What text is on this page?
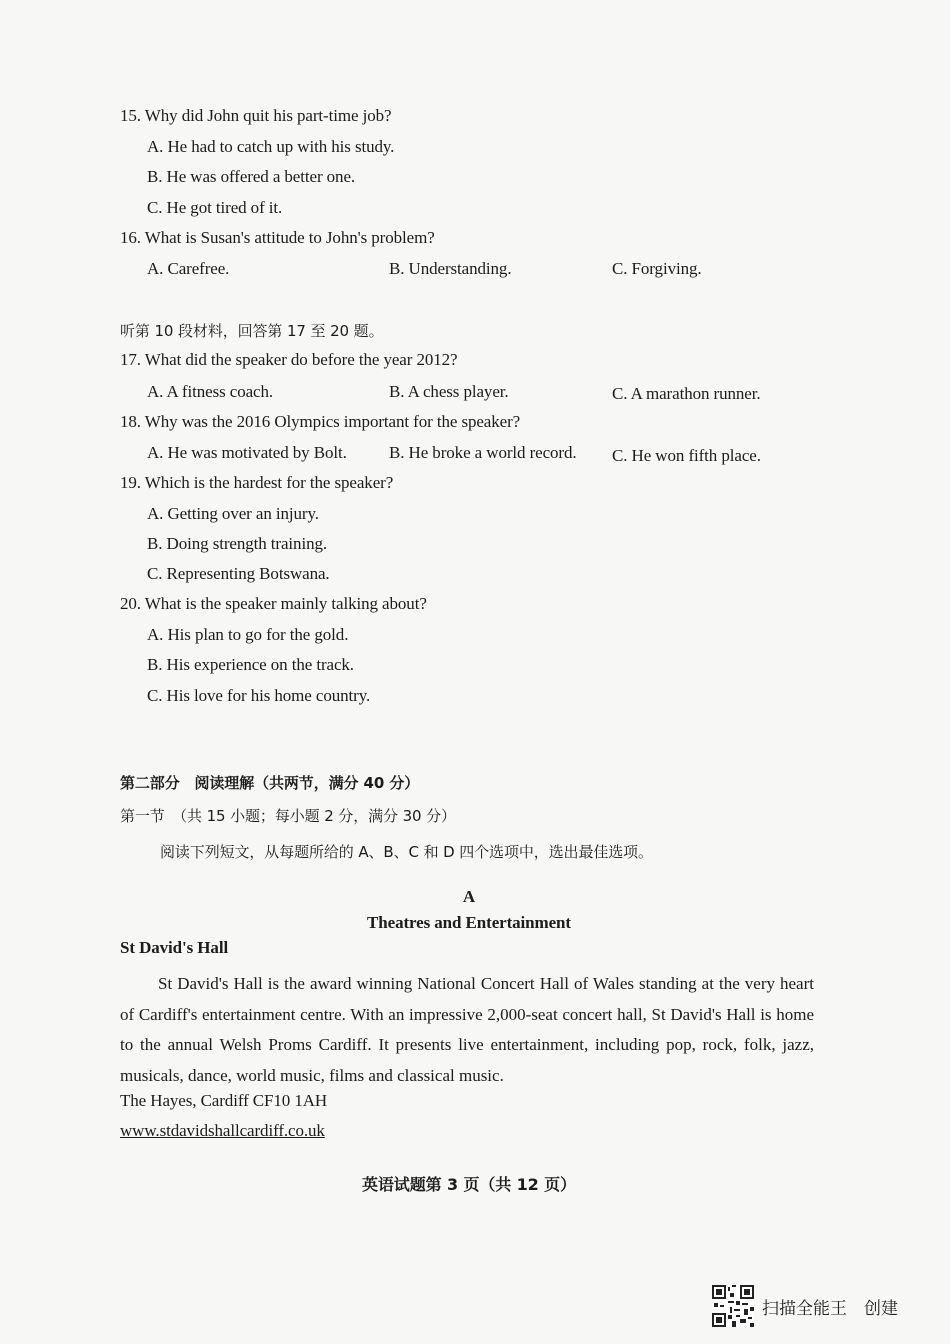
15. Why did John quit his part-time job?
A. He had to catch up with his study.
B. He was offered a better one.
C. He got tired of it.
16. What is Susan's attitude to John's problem?
A. Carefree.	B. Understanding.	C. Forgiving.
听第 10 段材料，回答第 17 至 20 题。
17. What did the speaker do before the year 2012?
A. A fitness coach.	B. A chess player.	C. A marathon runner.
18. Why was the 2016 Olympics important for the speaker?
A. He was motivated by Bolt. B. He broke a world record. C. He won fifth place.
19. Which is the hardest for the speaker?
A. Getting over an injury.
B. Doing strength training.
C. Representing Botswana.
20. What is the speaker mainly talking about?
A. His plan to go for the gold.
B. His experience on the track.
C. His love for his home country.
第二部分　阅读理解（共两节，满分 40 分）
第一节　（共 15 小题；每小题 2 分，满分 30 分）
阅读下列短文，从每题所给的 A、B、C 和 D 四个选项中，选出最佳选项。
A
Theatres and Entertainment
St David's Hall
St David's Hall is the award winning National Concert Hall of Wales standing at the very heart of Cardiff's entertainment centre. With an impressive 2,000-seat concert hall, St David's Hall is home to the annual Welsh Proms Cardiff. It presents live entertainment, including pop, rock, folk, jazz, musicals, dance, world music, films and classical music.
The Hayes, Cardiff CF10 1AH
www.stdavidshallcardiff.co.uk
英语试题第 3 页（共 12 页）
扫描全能王　创建
